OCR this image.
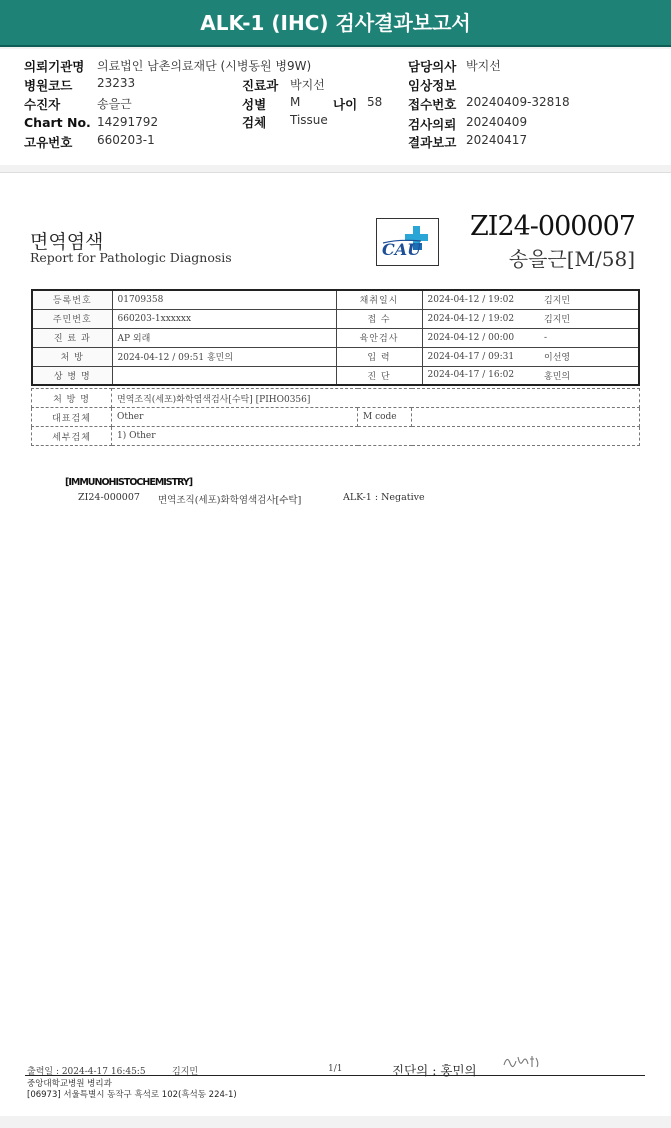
ALK-1 (IHC) 검사결과보고서
의뢰기관명 의료법인 남촌의료재단 (시병동원 병9W)
병원코드 23233
수진자	송을근
Chart No. 14291792
고유번호 660203-1
진료과 박지선
성별 M	나이 58
검체 Tissue
담당의사 박지선
임상정보
접수번호 20240409-32818
검사의뢰 20240409
결과보고 20240417
면역염색
Report for Pathologic Diagnosis	CAU
ZI24-000007
송을근[M/58]
등록번호	01709358	채취일시	2024-04-12 / 19:02	김지민
주민번호	660203-1xxxxxx	접 수	2024-04-12 / 19:02	김지민
진 료 과	AP 외래	육안검사	2024-04-12 / 00:00	-
처 방	2024-04-12 / 09:51 홍민의	입 력	2024-04-17 / 09:31	이선영
상 병 명		진 단	2024-04-17 / 16:02	홍민의
처 방 명	면역조직(세포)화학염색검사[수탁] [PIHO0356]		
대표검체	Other	M code	
세부검체	1) Other		
[IMMUNOHISTOCHEMISTRY]
ZI24-000007 면역조직(세포)화학염색검사[수탁]	ALK-1 : Negative
출력일 : 2024-4-17 16:45:5	김지민	1/1	진단의 : 홍민의
중앙대학교병원 병리과
[06973] 서울특별시 동작구 흑석로 102(흑석동 224-1)
